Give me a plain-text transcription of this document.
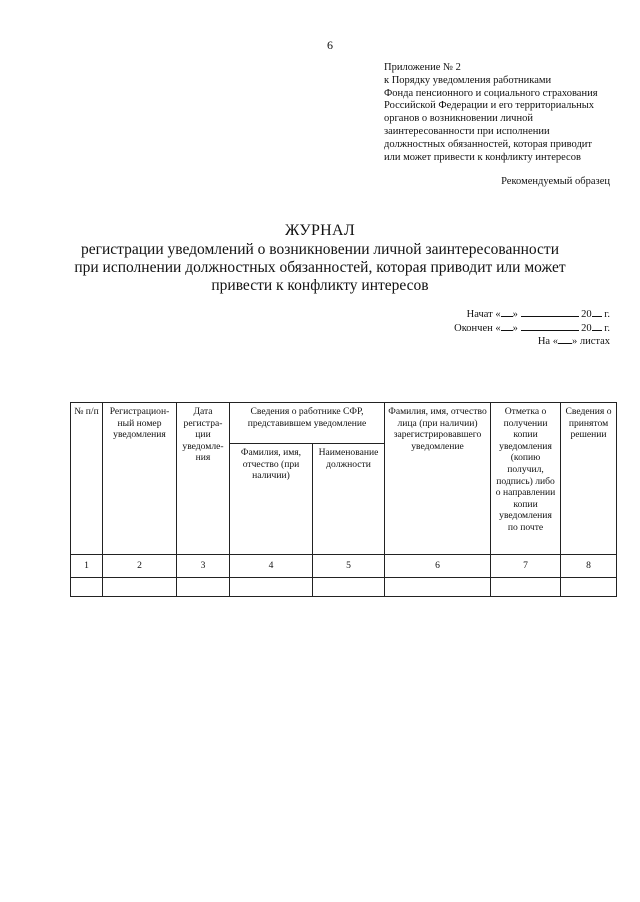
6
Приложение № 2
к Порядку уведомления работниками
Фонда пенсионного и социального страхования
Российской Федерации и его территориальных
органов о возникновении личной
заинтересованности при исполнении
должностных обязанностей, которая приводит
или может привести к конфликту интересов
Рекомендуемый образец
ЖУРНАЛ
регистрации уведомлений о возникновении личной заинтересованности
при исполнении должностных обязанностей, которая приводит или может
привести к конфликту интересов
Начат « »	20 г.
Окончен « »	20 г.
На « » листах
№ п/п	Регистрацион-ный номер уведомления	Дата регистра-ции уведомле-ния	Сведения о работнике СФР, представившем уведомление		Фамилия, имя, отчество лица (при наличии) зарегистрировавшего уведомление	Отметка о получении копии уведомления (копию получил, подпись) либо о направлении копии уведомления по почте	Сведения о принятом решении
			Фамилия, имя, отчество (при наличии)	Наименование должности			
1	2	3	4	5	6	7	8
